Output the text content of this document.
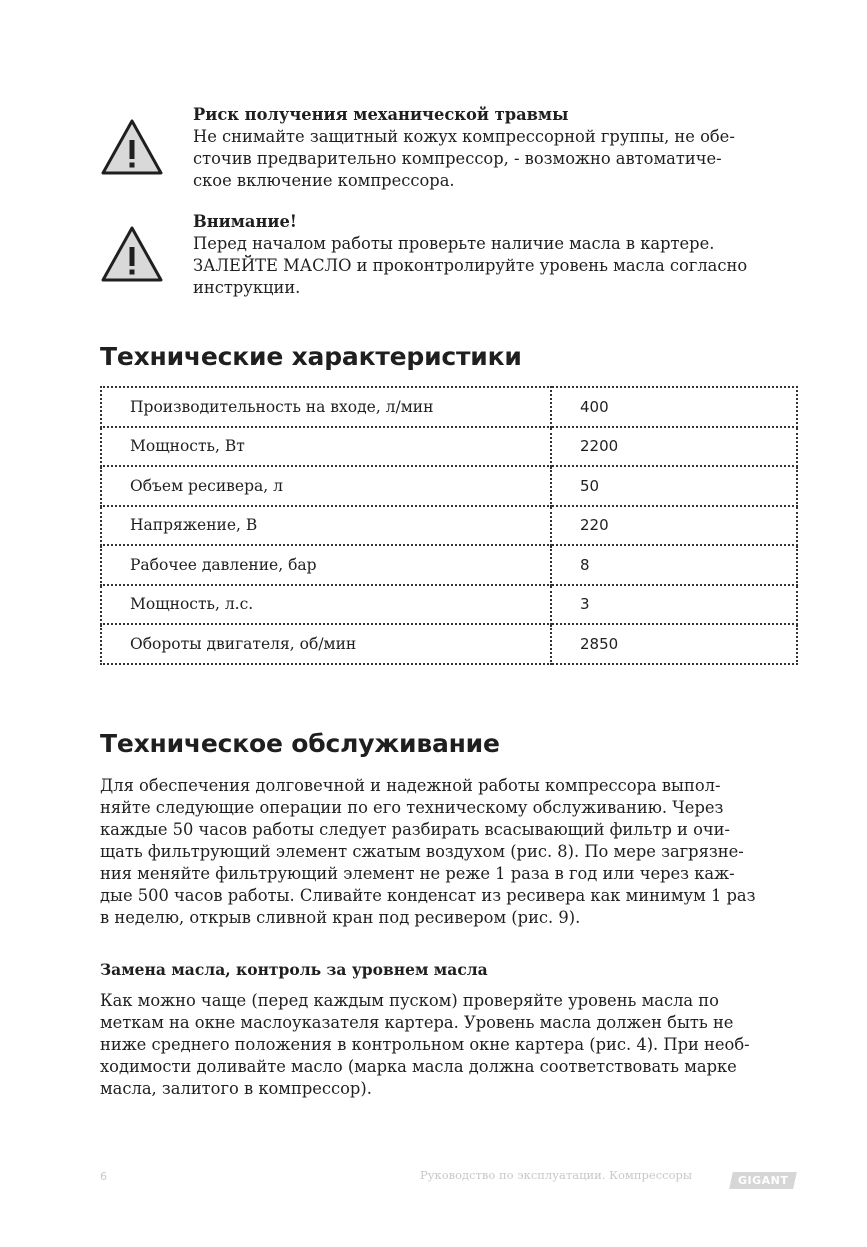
Риск получения механической травмы
Не снимайте защитный кожух компрессорной группы, не обе-
сточив предварительно компрессор, - возможно автоматиче-
ское включение компрессора.
Внимание!
Перед началом работы проверьте наличие масла в картере.
ЗАЛЕЙТЕ МАСЛО и проконтролируйте уровень масла согласно
инструкции.
Технические характеристики
Производительность на входе, л/мин	400
Мощность, Вт	2200
Объем ресивера, л	50
Напряжение, В	220
Рабочее давление, бар	8
Мощность, л.с.	3
Обороты двигателя, об/мин	2850
Техническое обслуживание
Для обеспечения долговечной и надежной работы компрессора выпол-
няйте следующие операции по его техническому обслуживанию. Через
каждые 50 часов работы следует разбирать всасывающий фильтр и очи-
щать фильтрующий элемент сжатым воздухом (рис. 8). По мере загрязне-
ния меняйте фильтрующий элемент не реже 1 раза в год или через каж-
дые 500 часов работы. Сливайте конденсат из ресивера как минимум 1 раз
в неделю, открыв сливной кран под ресивером (рис. 9).
Замена масла, контроль за уровнем масла
Как можно чаще (перед каждым пуском) проверяйте уровень масла по
меткам на окне маслоуказателя картера. Уровень масла должен быть не
ниже среднего положения в контрольном окне картера (рис. 4). При необ-
ходимости доливайте масло (марка масла должна соответствовать марке
масла, залитого в компрессор).
6	Руководство по эксплуатации. Компрессоры	GIGANT
